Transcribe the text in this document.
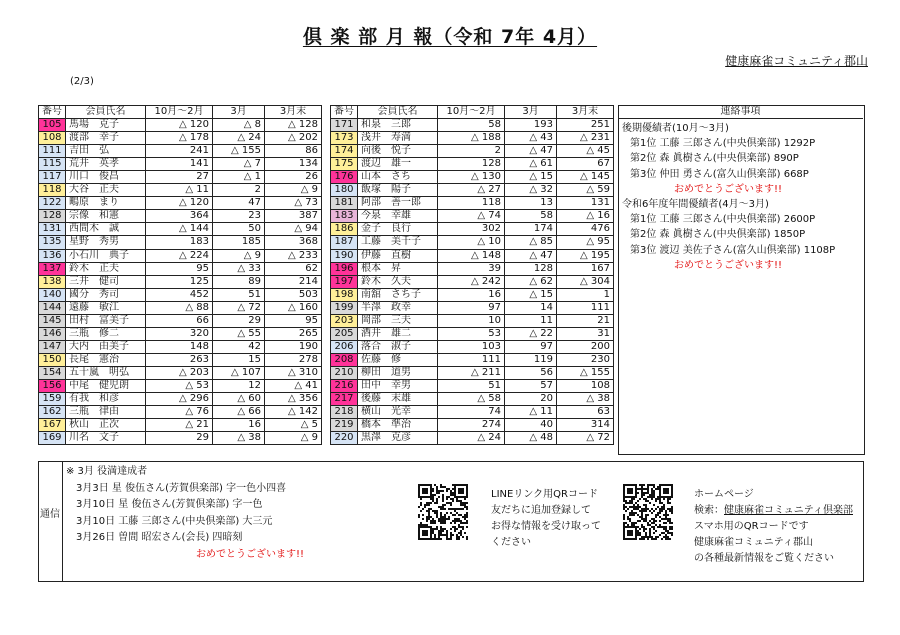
倶 楽 部 月 報（令和 7年 4月）
健康麻雀コミュニティ郡山
(2/3)
番号	会員氏名	10月～2月	3月	3月末
105	馬場　克子	△ 120	△ 8	△ 128
108	渡部　幸子	△ 178	△ 24	△ 202
111	吉田　弘	241	△ 155	86
115	荒井　英孝	141	△ 7	134
117	川口　俊昌	27	△ 1	26
118	大谷　正夫	△ 11	2	△ 9
122	鴫原　まり	△ 120	47	△ 73
128	宗像　和憲	364	23	387
131	西間木　誠	△ 144	50	△ 94
135	星野　秀男	183	185	368
136	小石川　典子	△ 224	△ 9	△ 233
137	鈴木　正夫	95	△ 33	62
138	三井　健司	125	89	214
140	國分　秀司	452	51	503
144	遠藤　敏江	△ 88	△ 72	△ 160
145	田村　富美子	66	29	95
146	三瓶　修二	320	△ 55	265
147	大内　由美子	148	42	190
150	長尾　憲治	263	15	278
154	五十嵐　明弘	△ 203	△ 107	△ 310
156	中尾　健児朗	△ 53	12	△ 41
159	有我　和彦	△ 296	△ 60	△ 356
162	三瓶　律由	△ 76	△ 66	△ 142
167	秋山　正次	△ 21	16	△ 5
169	川名　文子	29	△ 38	△ 9
番号	会員氏名	10月～2月	3月	3月末
171	和泉　三郎	58	193	251
173	浅井　寿満	△ 188	△ 43	△ 231
174	向後　悦子	2	△ 47	△ 45
175	渡辺　雄一	128	△ 61	67
176	山本　さち	△ 130	△ 15	△ 145
180	飯塚　陽子	△ 27	△ 32	△ 59
181	阿部　善一郎	118	13	131
183	今泉　幸雄	△ 74	58	△ 16
186	金子　良行	302	174	476
187	工藤　美千子	△ 10	△ 85	△ 95
190	伊藤　直樹	△ 148	△ 47	△ 195
196	根本　昇	39	128	167
197	鈴木　久夫	△ 242	△ 62	△ 304
198	南舘　さち子	16	△ 15	1
199	半澤　政幸	97	14	111
203	岡部　三夫	10	11	21
205	酒井　雄二	53	△ 22	31
206	落合　淑子	103	97	200
208	佐藤　修	111	119	230
210	柳田　道男	△ 211	56	△ 155
216	田中　幸男	51	57	108
217	後藤　末雄	△ 58	20	△ 38
218	横山　光幸	74	△ 11	63
219	橋本　準治	274	40	314
220	黒澤　克彦	△ 24	△ 48	△ 72
連絡事項
後期優績者(10月～3月)
第1位 工藤 三郎さん(中央倶楽部) 1292P
第2位 森 眞樹さん(中央倶楽部) 890P
第3位 仲田 勇さん(富久山倶楽部) 668P
おめでとうございます!!
令和6年度年間優績者(4月～3月)
第1位 工藤 三郎さん(中央倶楽部) 2600P
第2位 森 眞樹さん(中央倶楽部) 1850P
第3位 渡辺 美佐子さん(富久山倶楽部) 1108P
おめでとうございます!!
通信
※ 3月 役満達成者
3月3日 星 俊伍さん(芳賀倶楽部) 字一色小四喜
3月10日 星 俊伍さん(芳賀倶楽部) 字一色
3月10日 工藤 三郎さん(中央倶楽部) 大三元
3月26日 曽間 昭宏さん(会長) 四暗刻
おめでとうございます!!
LINEリンク用QRコード
友だちに追加登録して
お得な情報を受け取って
ください
ホームページ
検索：健康麻雀コミュニティ倶楽部
スマホ用のQRコードです
健康麻雀コミュニティ郡山
の各種最新情報をご覧ください
